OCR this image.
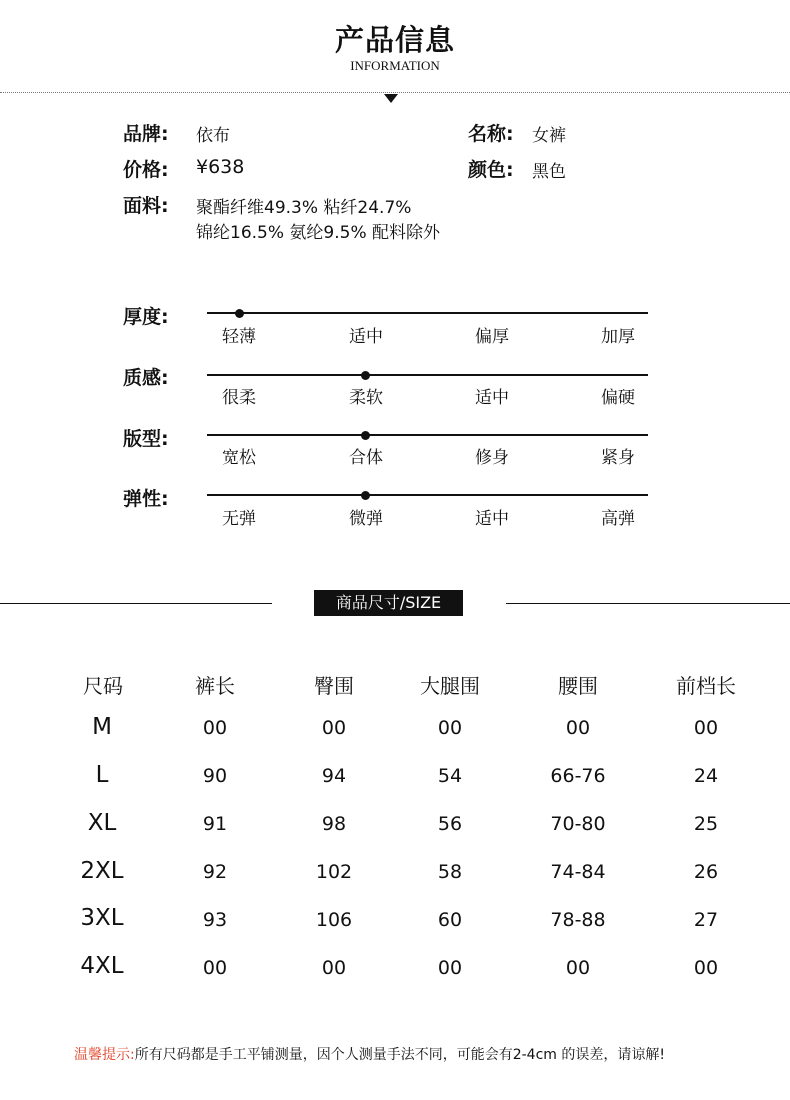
产品信息
INFORMATION
品牌: 依布	名称: 女裤
价格: ¥638	颜色: 黑色
面料: 聚酯纤维49.3% 粘纤24.7%
锦纶16.5% 氨纶9.5% 配料除外
厚度:
轻薄	适中	偏厚	加厚
质感:
很柔	柔软	适中	偏硬
版型:
宽松	合体	修身	紧身
弹性:
无弹	微弹	适中	高弹
商品尺寸/SIZE
尺码	裤长	臀围	大腿围	腰围	前档长
M	00	00	00	00	00
L	90	94	54	66-76	24
XL	91	98	56	70-80	25
2XL	92	102	58	74-84	26
3XL	93	106	60	78-88	27
4XL	00	00	00	00	00
温馨提示:所有尺码都是手工平铺测量，因个人测量手法不同，可能会有2-4cm 的误差，请谅解!
